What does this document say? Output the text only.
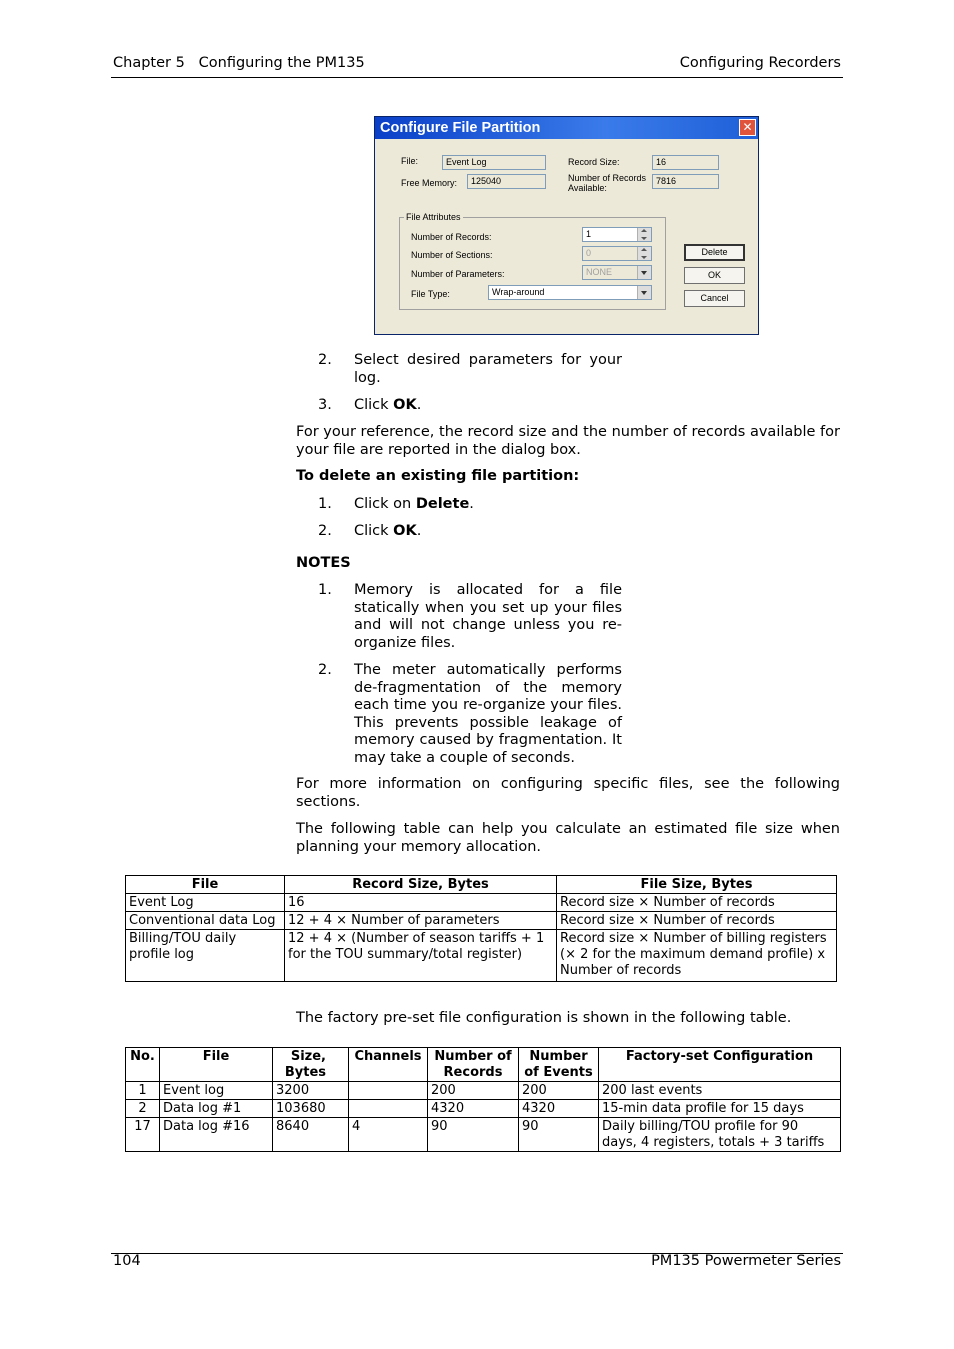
Chapter 5   Configuring the PM135	Configuring Recorders
Configure File Partition	✕
File:	Event Log
Free Memory:	125040
Record Size:	16
Number of Records
Available:
7816
File Attributes
Number of Records:	1
Number of Sections:	0
Number of Parameters:	NONE
File Type:	Wrap-around
Delete
OK
Cancel
2. Select desired parameters for your log.
3. Click OK.
For your reference, the record size and the number of records available for your file are reported in the dialog box.
To delete an existing file partition:
1. Click on Delete.
2. Click OK.
NOTES
1. Memory is allocated for a file statically when you set up your files and will not change unless you re-organize files.
2. The meter automatically performs de-fragmentation of the memory each time you re-organize your files. This prevents possible leakage of memory caused by fragmentation. It may take a couple of seconds.
For more information on configuring specific files, see the following sections.
The following table can help you calculate an estimated file size when planning your memory allocation.
File	Record Size, Bytes	File Size, Bytes
Event Log	16	Record size × Number of records
Conventional data Log	12 + 4 × Number of parameters	Record size × Number of records
Billing/TOU daily profile log	12 + 4 × (Number of season tariffs + 1 for the TOU summary/total register)	Record size × Number of billing registers (× 2 for the maximum demand profile) x Number of records
The factory pre-set file configuration is shown in the following table.
No.	File	Size, Bytes	Channels	Number of Records	Number of Events	Factory-set Configuration
1	Event log	3200		200	200	200 last events
2	Data log #1	103680		4320	4320	15-min data profile for 15 days
17	Data log #16	8640	4	90	90	Daily billing/TOU profile for 90 days, 4 registers, totals + 3 tariffs
104	PM135 Powermeter Series
